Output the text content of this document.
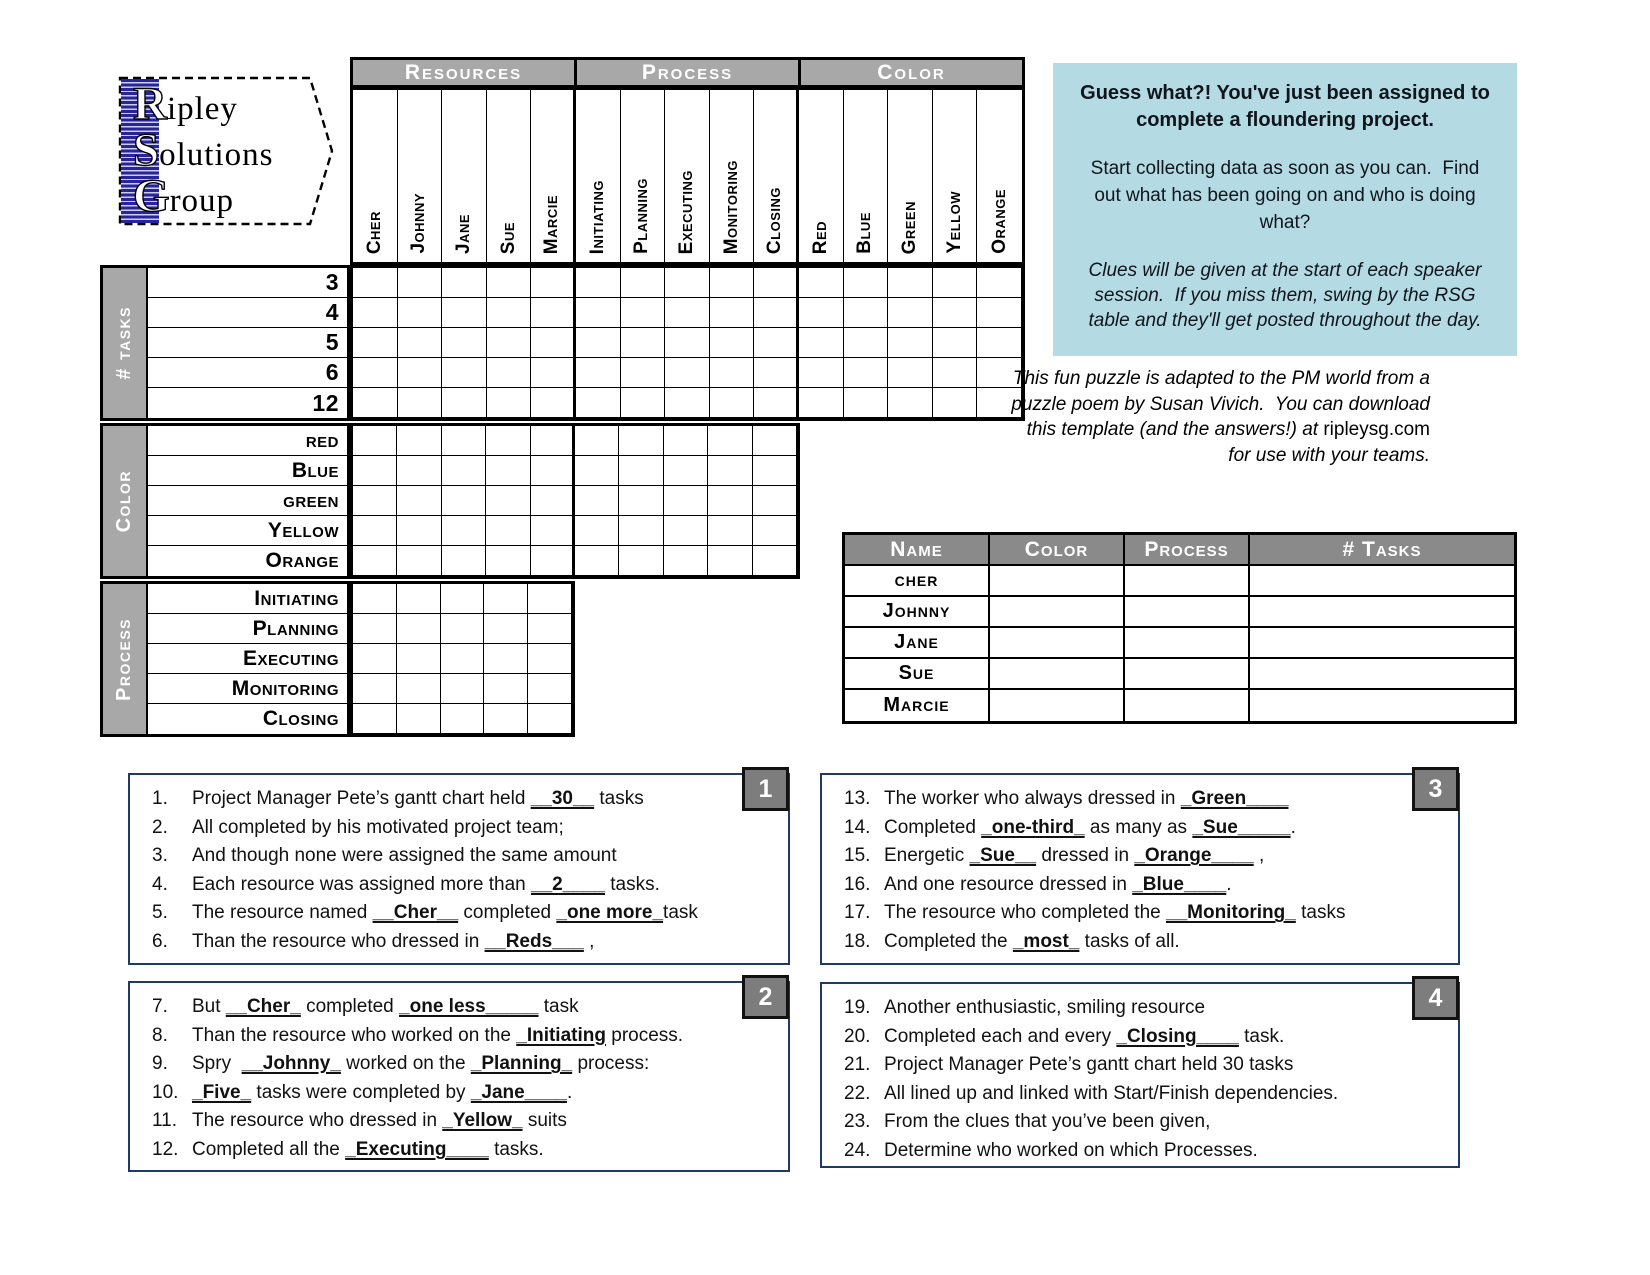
R ipley
S olutions
G roup
Resources	Process	Color
Cher Johnny Jane Sue Marcie Initiating Planning Executing Monitoring Closing Red Blue Green Yellow Orange
# tasks
3
4
5
6
12
Color
red
Blue
green
Yellow
Orange
Process
Initiating
Planning
Executing
Monitoring
Closing
Guess what?! You've just been assigned to complete a floundering project.
Start collecting data as soon as you can.  Find out what has been going on and who is doing what?
Clues will be given at the start of each speaker session.  If you miss them, swing by the RSG table and they'll get posted throughout the day.
This fun puzzle is adapted to the PM world from a puzzle poem by Susan Vivich.  You can download this template (and the answers!) at ripleysg.com for use with your teams.
Name	Color	Process	# Tasks
cher
Johnny
Jane
Sue
Marcie
1.	Project Manager Pete’s gantt chart held __30__ tasks
2.	All completed by his motivated project team;
3.	And though none were assigned the same amount
4.	Each resource was assigned more than __2____ tasks.
5.	The resource named __Cher__ completed _one more_task
6.	Than the resource who dressed in __Reds___ ,
1
7.	But __Cher_ completed _one less_____ task
8.	Than the resource who worked on the _Initiating process.
9.	Spry  __Johnny_ worked on the _Planning_ process:
10. _Five_ tasks were completed by _Jane____.
11. The resource who dressed in _Yellow_ suits
12. Completed all the _Executing____ tasks.
2
13. The worker who always dressed in _Green____
14. Completed _one-third_ as many as _Sue_____.
15. Energetic _Sue__ dressed in _Orange____ ,
16. And one resource dressed in _Blue____.
17. The resource who completed the __Monitoring_ tasks
18. Completed the _most_ tasks of all.
3
19. Another enthusiastic, smiling resource
20. Completed each and every _Closing____ task.
21. Project Manager Pete’s gantt chart held 30 tasks
22. All lined up and linked with Start/Finish dependencies.
23. From the clues that you’ve been given,
24. Determine who worked on which Processes.
4
